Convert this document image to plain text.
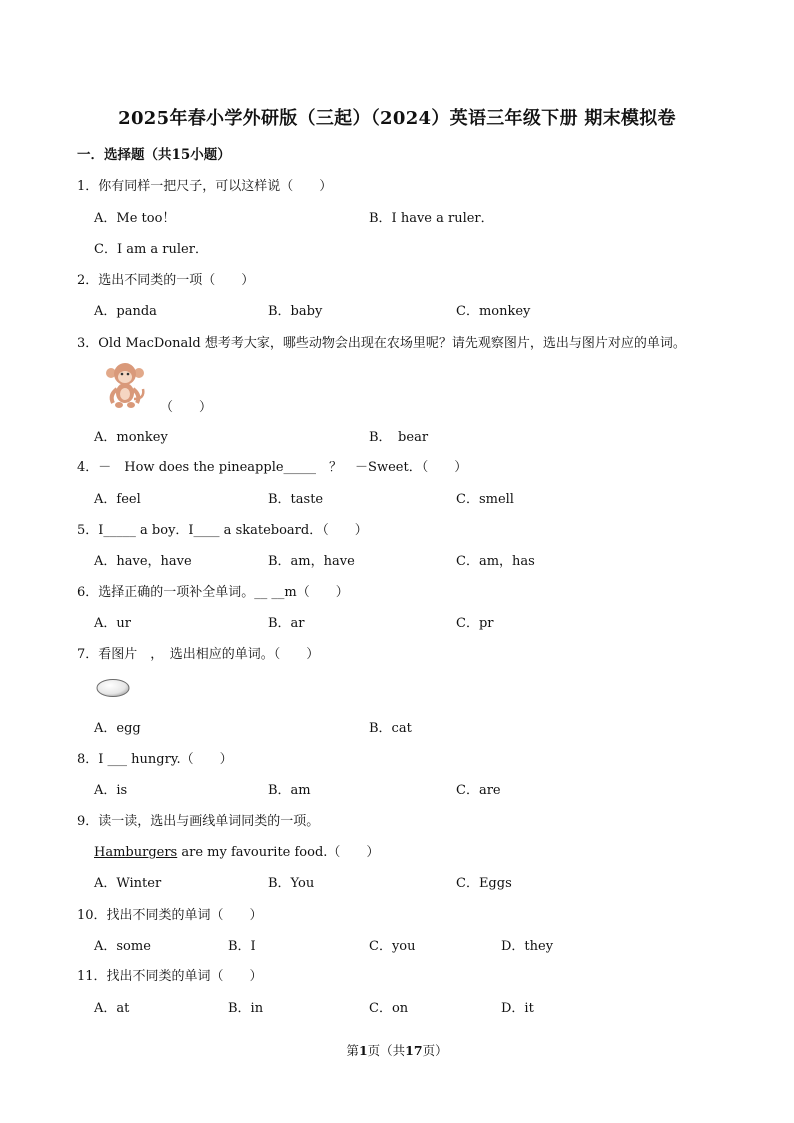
2025年春小学外研版（三起）（2024）英语三年级下册 期末模拟卷
一．选择题（共15小题）
1．你有同样一把尺子，可以这样说（　　）
A．Me too！	B．I have a ruler．
C．I am a ruler．
2．选出不同类的一项（　　）
A．panda	B．baby	C．monkey
3．Old MacDonald 想考考大家，哪些动物会出现在农场里呢？请先观察图片，选出与图片对应的单词。
（　　）
A．monkey	B．　bear
4．－　How does the pineapple_____　？　－Sweet．（　　）
A．feel	B．taste	C．smell
5．I_____ a boy．I____ a skateboard．（　　）
A．have，have	B．am，have	C．am，has
6．选择正确的一项补全单词。__ __m（　　）
A．ur	B．ar	C．pr
7．看图片　，　选出相应的单词。（　　）
A．egg	B．cat
8．I ___ hungry.（　　）
A．is	B．am	C．are
9．读一读，选出与画线单词同类的一项。
Hamburgers are my favourite food.（　　）
A．Winter	B．You	C．Eggs
10．找出不同类的单词（　　）
A．some	B．I	C．you	D．they
11．找出不同类的单词（　　）
A．at	B．in	C．on	D．it
第1页（共17页）
